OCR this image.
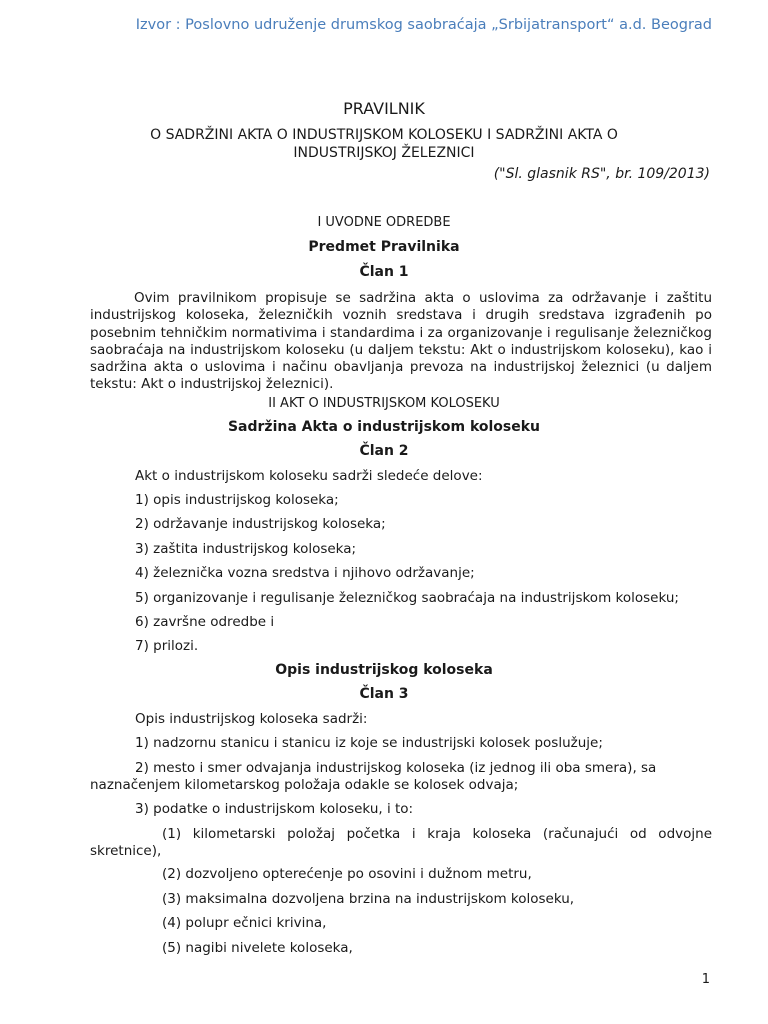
Izvor : Poslovno udruženje drumskog saobraćaja „Srbijatransport“ a.d. Beograd
PRAVILNIK
O SADRŽINI AKTA O INDUSTRIJSKOM KOLOSEKU I SADRŽINI AKTA O INDUSTRIJSKOJ ŽELEZNICI
("Sl. glasnik RS", br. 109/2013)
I UVODNE ODREDBE
Predmet Pravilnika
Član 1
Ovim pravilnikom propisuje se sadržina akta o uslovima za održavanje i zaštitu industrijskog koloseka, železničkih voznih sredstava i drugih sredstava izgrađenih po posebnim tehničkim normativima i standardima i za organizovanje i regulisanje železničkog saobraćaja na industrijskom koloseku (u daljem tekstu: Akt o industrijskom koloseku), kao i sadržina akta o uslovima i načinu obavljanja prevoza na industrijskoj železnici (u daljem tekstu: Akt o industrijskoj železnici).
II AKT O INDUSTRIJSKOM KOLOSEKU
Sadržina Akta o industrijskom koloseku
Član 2
Akt o industrijskom koloseku sadrži sledeće delove:
1) opis industrijskog koloseka;
2) održavanje industrijskog koloseka;
3) zaštita industrijskog koloseka;
4) železnička vozna sredstva i njihovo održavanje;
5) organizovanje i regulisanje železničkog saobraćaja na industrijskom koloseku;
6) završne odredbe i
7) prilozi.
Opis industrijskog koloseka
Član 3
Opis industrijskog koloseka sadrži:
1) nadzornu stanicu i stanicu iz koje se industrijski kolosek poslužuje;
2) mesto i smer odvajanja industrijskog koloseka (iz jednog ili oba smera), sa naznačenjem kilometarskog položaja odakle se kolosek odvaja;
3) podatke o industrijskom koloseku, i to:
(1) kilometarski položaj početka i kraja koloseka (računajući od odvojne skretnice),
(2) dozvoljeno opterećenje po osovini i dužnom metru,
(3) maksimalna dozvoljena brzina na industrijskom koloseku,
(4) polupr ečnici krivina,
(5) nagibi nivelete koloseka,
1
